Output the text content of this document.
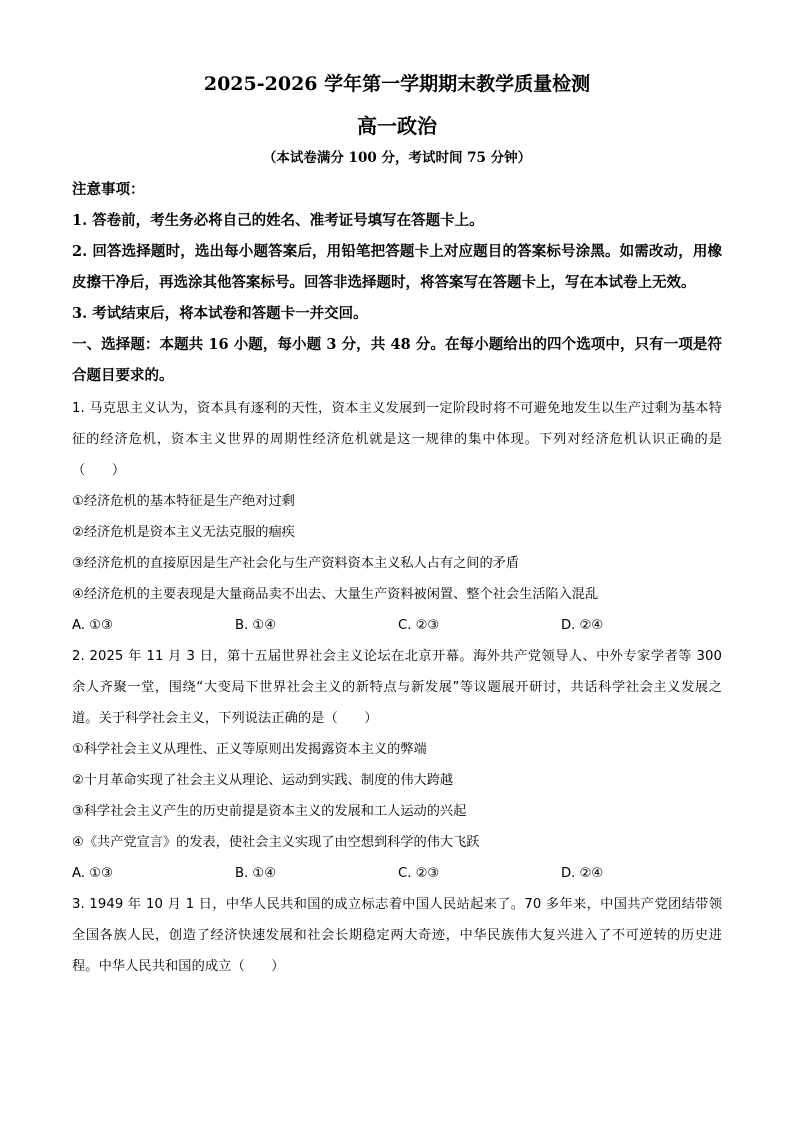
2025-2026 学年第一学期期末教学质量检测
高一政治
（本试卷满分 100 分，考试时间 75 分钟）
注意事项：
1. 答卷前，考生务必将自己的姓名、准考证号填写在答题卡上。
2. 回答选择题时，选出每小题答案后，用铅笔把答题卡上对应题目的答案标号涂黑。如需改动，用橡皮擦干净后，再选涂其他答案标号。回答非选择题时，将答案写在答题卡上，写在本试卷上无效。
3. 考试结束后，将本试卷和答题卡一并交回。
一、选择题：本题共 16 小题，每小题 3 分，共 48 分。在每小题给出的四个选项中，只有一项是符合题目要求的。
1. 马克思主义认为，资本具有逐利的天性，资本主义发展到一定阶段时将不可避免地发生以生产过剩为基本特征的经济危机，资本主义世界的周期性经济危机就是这一规律的集中体现。下列对经济危机认识正确的是（　　）
①经济危机的基本特征是生产绝对过剩
②经济危机是资本主义无法克服的痼疾
③经济危机的直接原因是生产社会化与生产资料资本主义私人占有之间的矛盾
④经济危机的主要表现是大量商品卖不出去、大量生产资料被闲置、整个社会生活陷入混乱
A. ①③	B. ①④	C. ②③	D. ②④
2. 2025 年 11 月 3 日，第十五届世界社会主义论坛在北京开幕。海外共产党领导人、中外专家学者等 300 余人齐聚一堂，围绕“大变局下世界社会主义的新特点与新发展”等议题展开研讨，共话科学社会主义发展之道。关于科学社会主义，下列说法正确的是（　　）
①科学社会主义从理性、正义等原则出发揭露资本主义的弊端
②十月革命实现了社会主义从理论、运动到实践、制度的伟大跨越
③科学社会主义产生的历史前提是资本主义的发展和工人运动的兴起
④《共产党宣言》的发表，使社会主义实现了由空想到科学的伟大飞跃
A. ①③	B. ①④	C. ②③	D. ②④
3. 1949 年 10 月 1 日，中华人民共和国的成立标志着中国人民站起来了。70 多年来，中国共产党团结带领全国各族人民，创造了经济快速发展和社会长期稳定两大奇迹，中华民族伟大复兴进入了不可逆转的历史进程。中华人民共和国的成立（　　）
